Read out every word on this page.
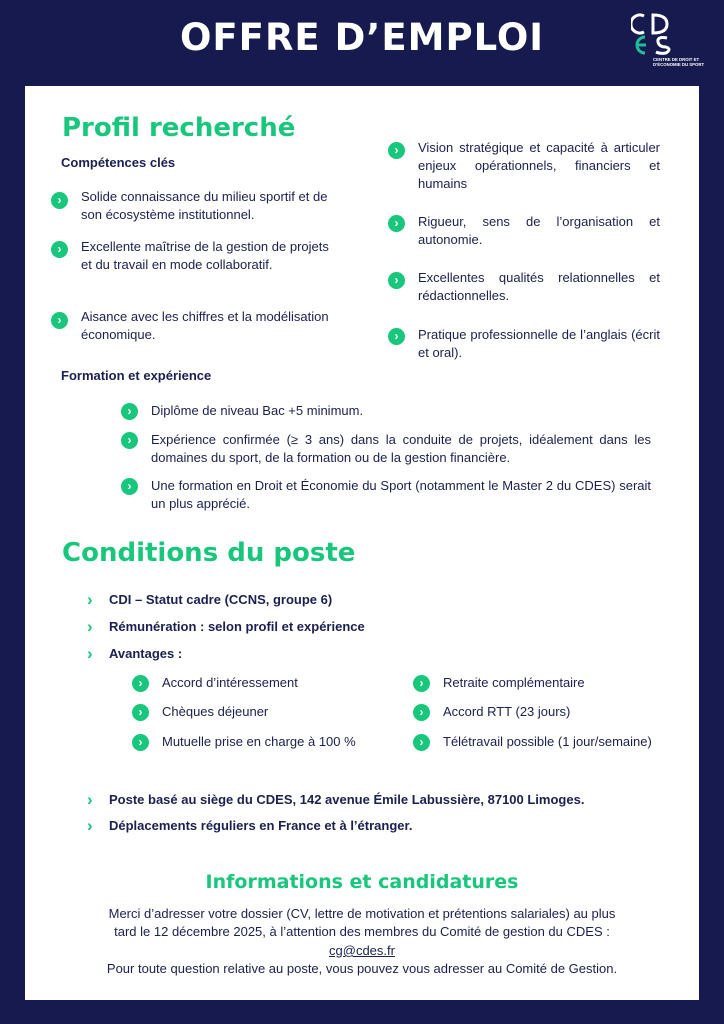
OFFRE D’EMPLOI
CENTRE DE DROIT ET D’ÉCONOMIE DU SPORT
Profil recherché
Compétences clés
›	Solide connaissance du milieu sportif et de son écosystème institutionnel.
›	Excellente maîtrise de la gestion de projets et du travail en mode collaboratif.
›	Aisance avec les chiffres et la modélisation économique.
›	Vision stratégique et capacité à articuler enjeux opérationnels, financiers et humains
›	Rigueur, sens de l’organisation et autonomie.
›	Excellentes qualités relationnelles et rédactionnelles.
›	Pratique professionnelle de l’anglais (écrit et oral).
Formation et expérience
›	Diplôme de niveau Bac +5 minimum.
›	Expérience confirmée (≥ 3 ans) dans la conduite de projets, idéalement dans les domaines du sport, de la formation ou de la gestion financière.
›	Une formation en Droit et Économie du Sport (notamment le Master 2 du CDES) serait un plus apprécié.
Conditions du poste
› CDI – Statut cadre (CCNS, groupe 6)
› Rémunération : selon profil et expérience
› Avantages :
›	Accord d’intéressement
›	Chèques déjeuner
›	Mutuelle prise en charge à 100 %
›	Retraite complémentaire
›	Accord RTT (23 jours)
›	Télétravail possible (1 jour/semaine)
› Poste basé au siège du CDES, 142 avenue Émile Labussière, 87100 Limoges.
› Déplacements réguliers en France et à l’étranger.
Informations et candidatures
Merci d’adresser votre dossier (CV, lettre de motivation et prétentions salariales) au plus
tard le 12 décembre 2025, à l’attention des membres du Comité de gestion du CDES :
cg@cdes.fr
Pour toute question relative au poste, vous pouvez vous adresser au Comité de Gestion.
